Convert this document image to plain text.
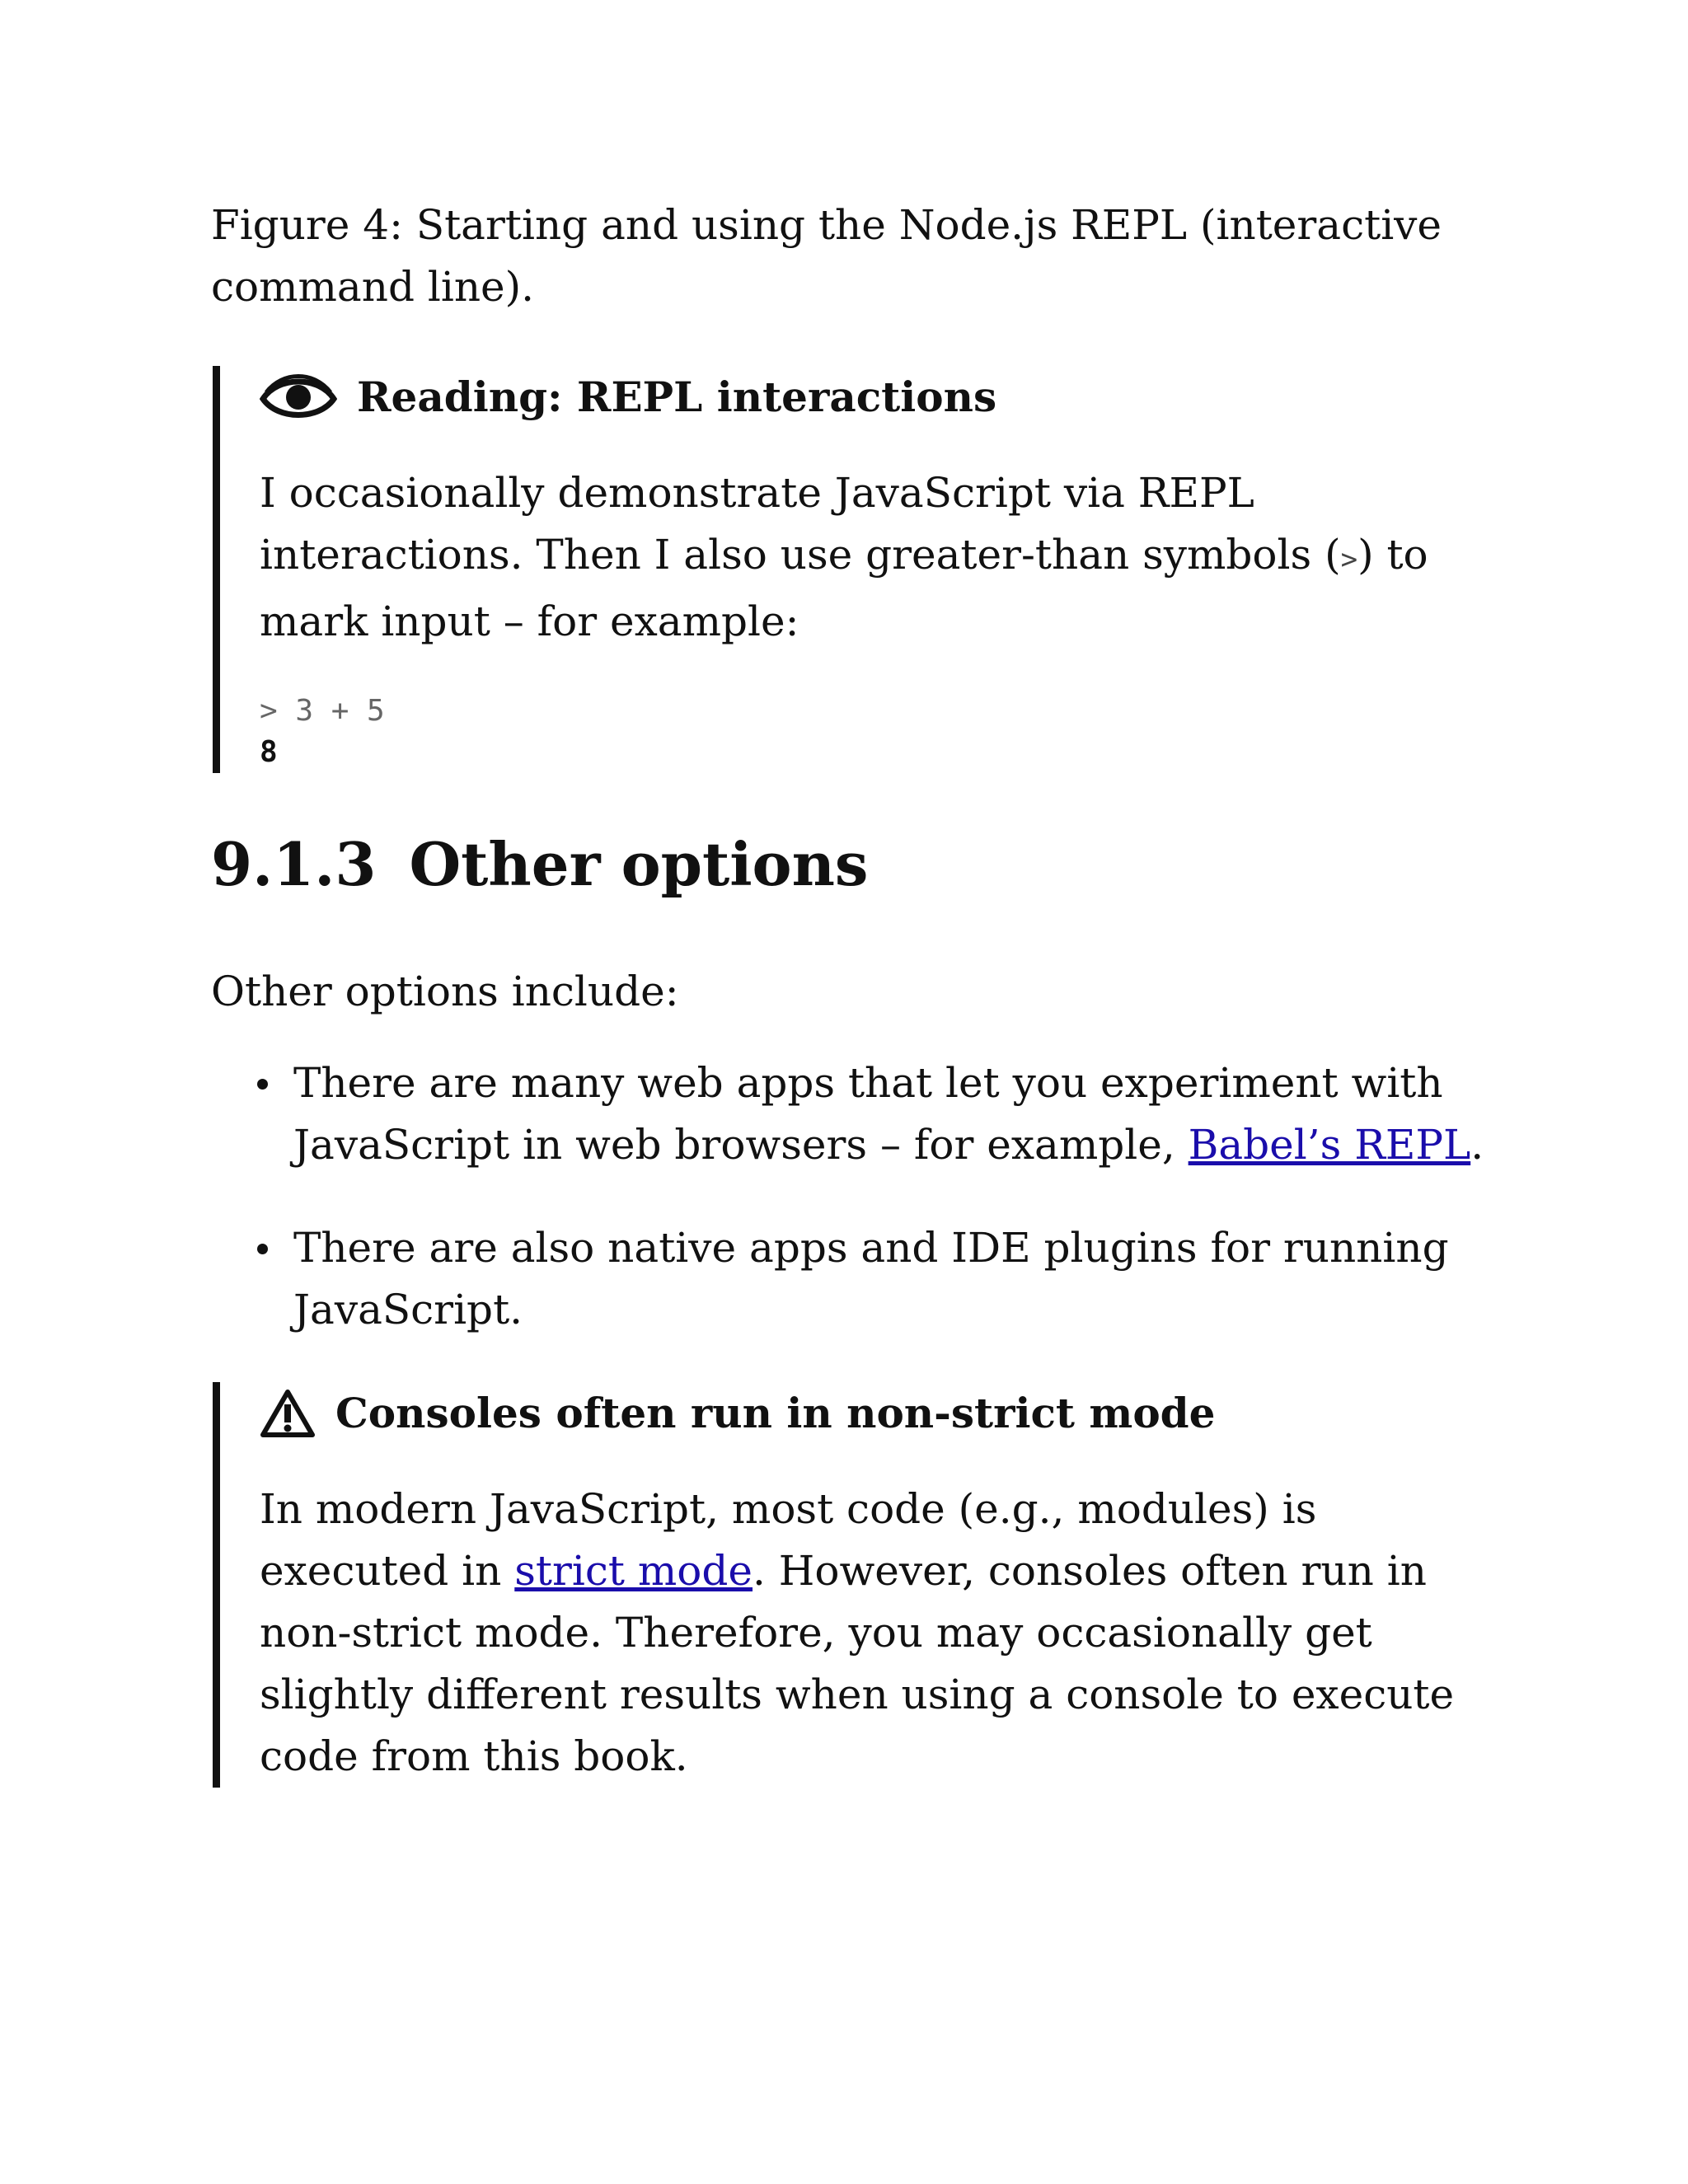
Figure 4: Starting and using the Node.js REPL (interactive command line).

Reading: REPL interactions

I occasionally demonstrate JavaScript via REPL interactions. Then I also use greater-than symbols (>) to mark input – for example:

> 3 + 5
8
9.1.3 Other options

Other options include:

There are many web apps that let you experiment with JavaScript in web browsers – for example, Babel’s REPL.
There are also native apps and IDE plugins for running JavaScript.
Consoles often run in non-strict mode

In modern JavaScript, most code (e.g., modules) is executed in strict mode. However, consoles often run in non-strict mode. Therefore, you may occasionally get slightly different results when using a console to execute code from this book.
